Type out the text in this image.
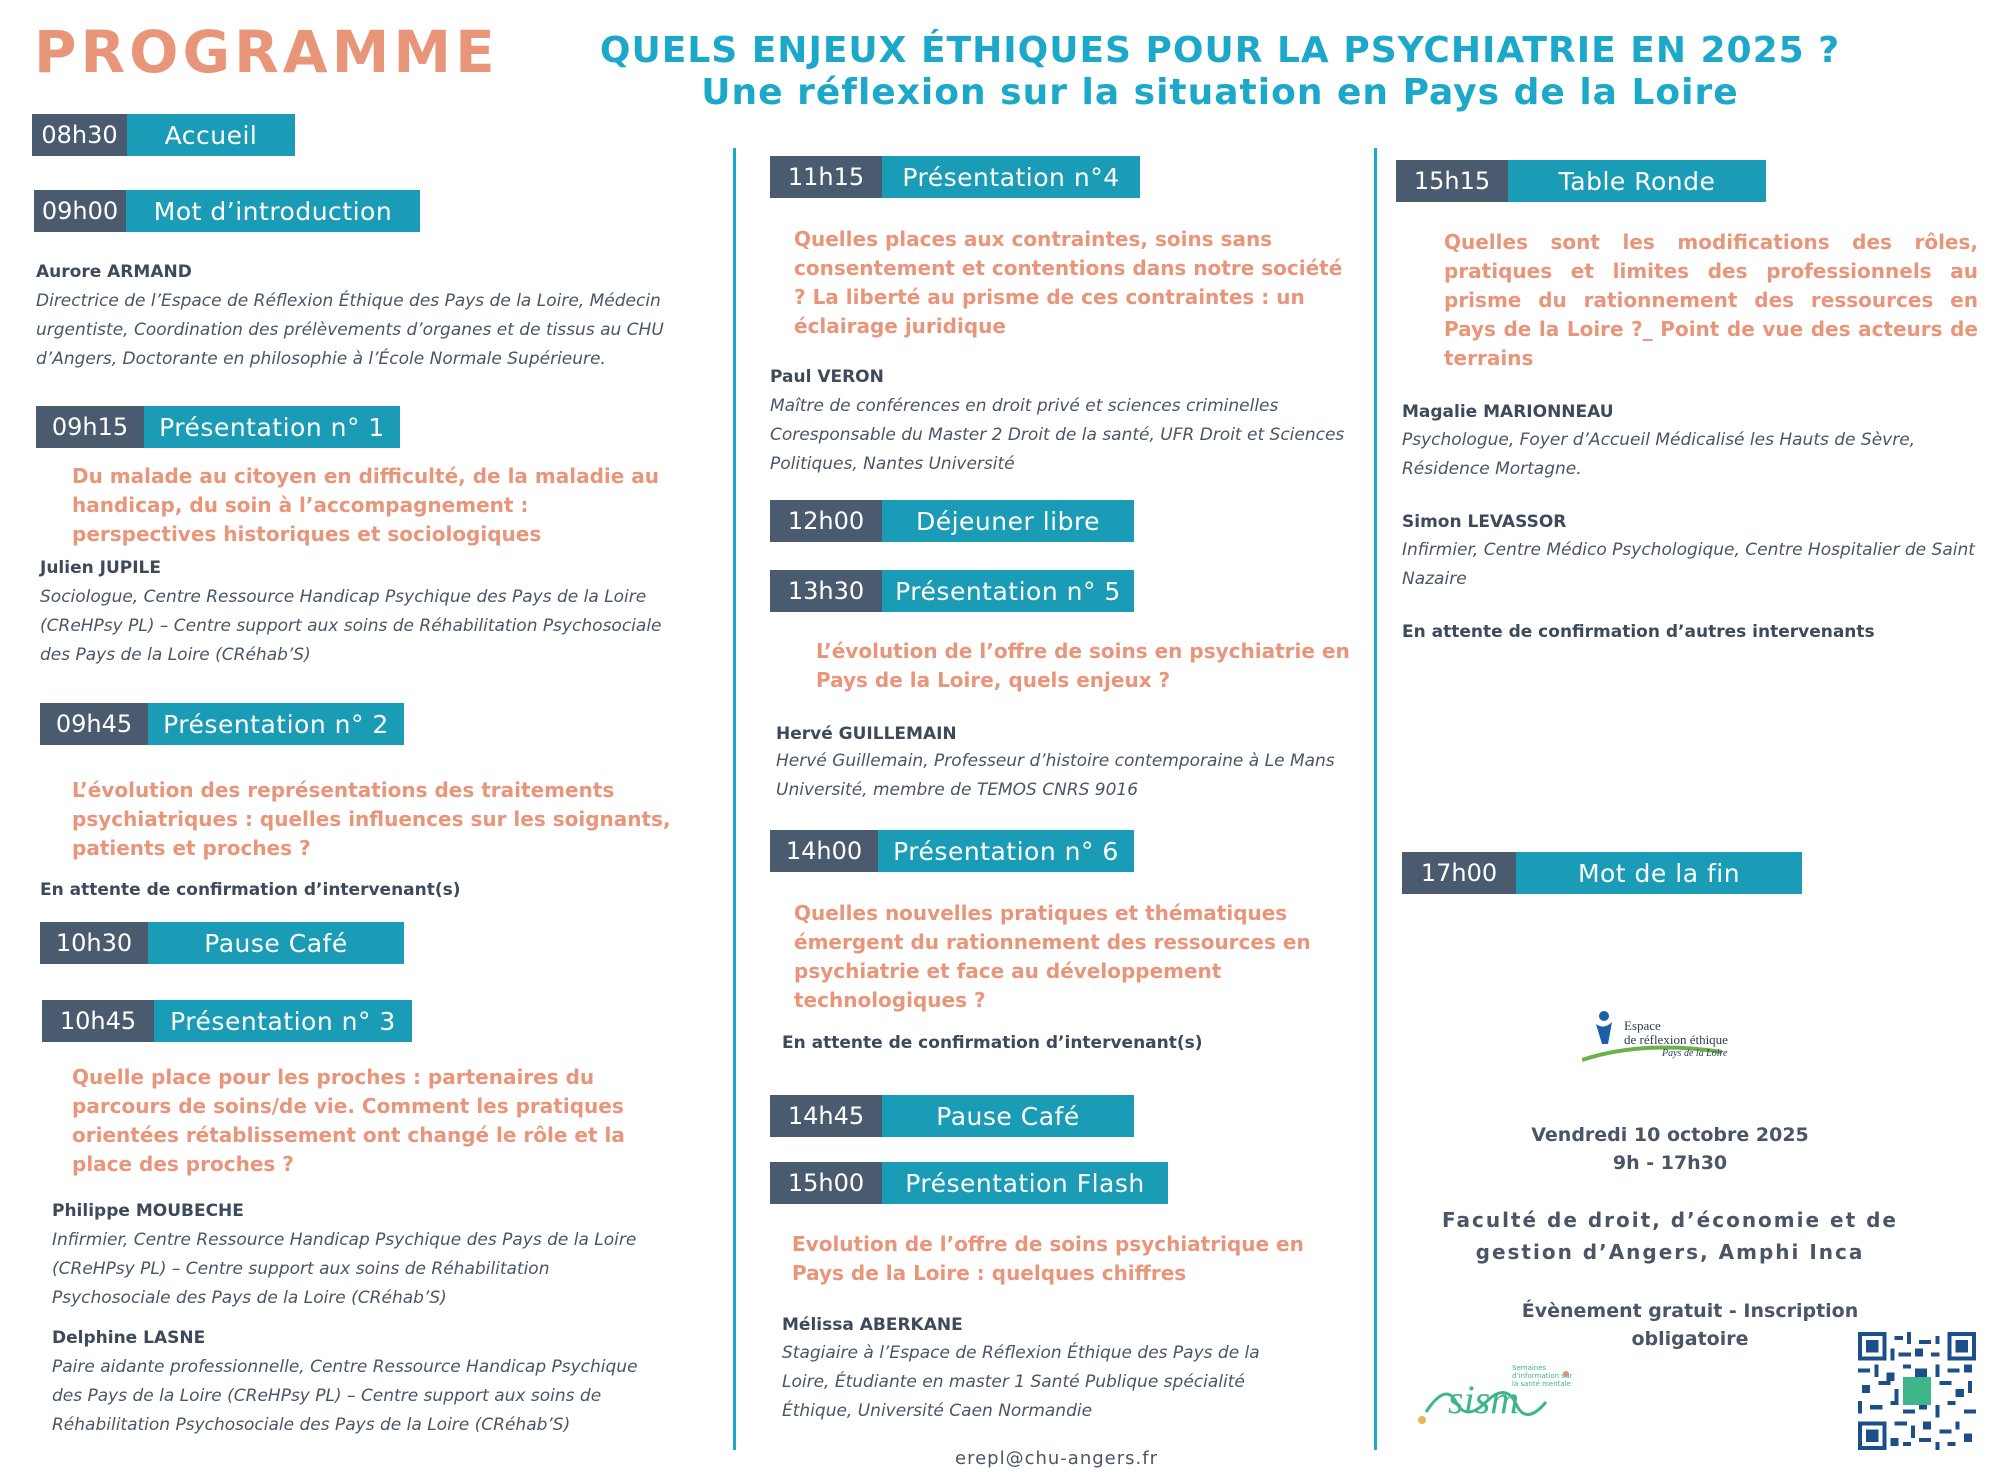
PROGRAMME	QUELS ENJEUX ÉTHIQUES POUR LA PSYCHIATRIE EN 2025 ?
Une réflexion sur la situation en Pays de la Loire
08h30	Accueil
09h00	Mot d’introduction
Aurore ARMAND
Directrice de l’Espace de Réflexion Éthique des Pays de la Loire, Médecin urgentiste, Coordination des prélèvements d’organes et de tissus au CHU d’Angers, Doctorante en philosophie à l’École Normale Supérieure.
09h15	Présentation n° 1
Du malade au citoyen en difficulté, de la maladie au handicap, du soin à l’accompagnement : perspectives historiques et sociologiques
Julien JUPILE
Sociologue, Centre Ressource Handicap Psychique des Pays de la Loire (CReHPsy PL) – Centre support aux soins de Réhabilitation Psychosociale des Pays de la Loire (CRéhab’S)
09h45	Présentation n° 2
L’évolution des représentations des traitements psychiatriques : quelles influences sur les soignants, patients et proches ?
En attente de confirmation d’intervenant(s)
10h30	Pause Café
10h45	Présentation n° 3
Quelle place pour les proches : partenaires du parcours de soins/de vie. Comment les pratiques orientées rétablissement ont changé le rôle et la place des proches ?
Philippe MOUBECHE
Infirmier, Centre Ressource Handicap Psychique des Pays de la Loire (CReHPsy PL) – Centre support aux soins de Réhabilitation Psychosociale des Pays de la Loire (CRéhab’S)
Delphine LASNE
Paire aidante professionnelle, Centre Ressource Handicap Psychique des Pays de la Loire (CReHPsy PL) – Centre support aux soins de Réhabilitation Psychosociale des Pays de la Loire (CRéhab’S)
11h15	Présentation n°4
Quelles places aux contraintes, soins sans consentement et contentions dans notre société ? La liberté au prisme de ces contraintes : un éclairage juridique
Paul VERON
Maître de conférences en droit privé et sciences criminelles Coresponsable du Master 2 Droit de la santé, UFR Droit et Sciences Politiques, Nantes Université
12h00	Déjeuner libre
13h30	Présentation n° 5
L’évolution de l’offre de soins en psychiatrie en Pays de la Loire, quels enjeux ?
Hervé GUILLEMAIN
Hervé Guillemain, Professeur d’histoire contemporaine à Le Mans Université, membre de TEMOS CNRS 9016
14h00	Présentation n° 6
Quelles nouvelles pratiques et thématiques émergent du rationnement des ressources en psychiatrie et face au développement technologiques ?
En attente de confirmation d’intervenant(s)
14h45	Pause Café
15h00	Présentation Flash
Evolution de l’offre de soins psychiatrique en Pays de la Loire : quelques chiffres
Mélissa ABERKANE
Stagiaire à l’Espace de Réflexion Éthique des Pays de la Loire, Étudiante en master 1 Santé Publique spécialité Éthique, Université Caen Normandie
15h15	Table Ronde
Quelles sont les modifications des rôles, pratiques et limites des professionnels au prisme du rationnement des ressources en Pays de la Loire ?_ Point de vue des acteurs de terrains
Magalie MARIONNEAU
Psychologue, Foyer d’Accueil Médicalisé les Hauts de Sèvre, Résidence Mortagne.
Simon LEVASSOR
Infirmier, Centre Médico Psychologique, Centre Hospitalier de Saint Nazaire
En attente de confirmation d’autres intervenants
17h00	Mot de la fin
Espace
de réflexion éthique
Pays de la Loire
Vendredi 10 octobre 2025
9h - 17h30
Faculté de droit, d’économie et de
gestion d’Angers, Amphi Inca
Évènement gratuit - Inscription
obligatoire
sism
Semaines d’information sur la santé mentale
erepl@chu-angers.fr
